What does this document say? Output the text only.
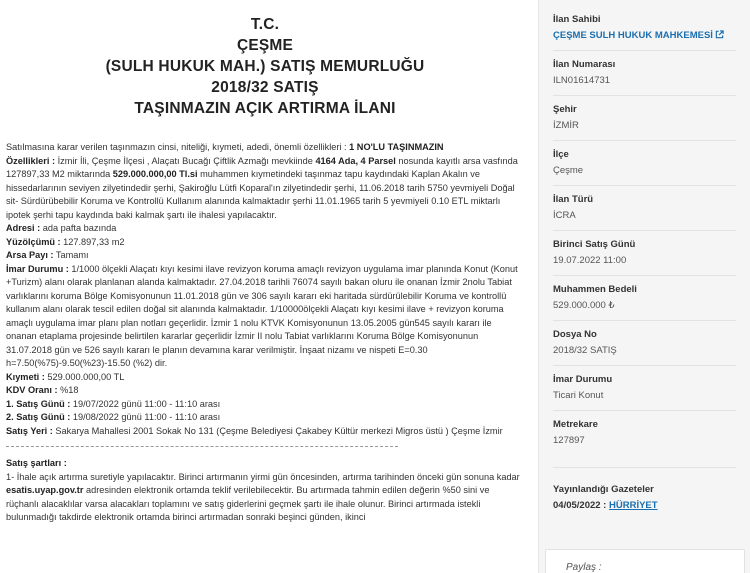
T.C.
ÇEŞME
(SULH HUKUK MAH.) SATIŞ MEMURLUĞU
2018/32 SATIŞ
TAŞINMAZIN AÇIK ARTIRMA İLANI

Satılmasına karar verilen taşınmazın cinsi, niteliği, kıymeti, adedi, önemli özellikleri : 1 NO'LU TAŞINMAZIN
Özellikleri : İzmir İli, Çeşme İlçesi , Alaçatı Bucağı Çiftlik Azmağı mevkiinde 4164 Ada, 4 Parsel nosunda kayıtlı arsa vasfında 127897,33 M2 miktarında 529.000.000,00 Tl.si muhammen kıymetindeki taşınmaz tapu kaydındaki Kaplan Akalın ve hissedarlarının seviyen zilyetindedir şerhi, Şakiroğlu Lütfi Koparal'ın zilyetindedir şerhi, 11.06.2018 tarih 5750 yevmiyeli Doğal sit- Sürdürübebilir Koruma ve Kontrollü Kullanım alanında kalmaktadır şerhi 11.01.1965 tarih 5 yevmiyeli 0.10 ETL miktarlı ipotek şerhi tapu kaydında baki kalmak şartı ile ihalesi yapılacaktır.

Adresi : ada pafta bazında

Yüzölçümü : 127.897,33 m2

Arsa Payı : Tamamı

İmar Durumu : 1/1000 ölçekli Alaçatı kıyı kesimi ilave revizyon koruma amaçlı revizyon uygulama imar planında Konut (Konut +Turizm) alanı olarak planlanan alanda kalmaktadır. 27.04.2018 tarihli 76074 sayılı bakan oluru ile onanan İzmir 2nolu Tabiat varlıklarını koruma Bölge Komisyonunun 11.01.2018 gün ve 306 sayılı kararı eki haritada sürdürülebilir Koruma ve kontrollü kullanım alanı olarak tescil edilen doğal sit alanında kalmaktadır. 1/10000ölçekli Alaçatı kıyı kesimi ilave + revizyon koruma amaçlı uygulama imar planı plan notları geçerlidir. İzmir 1 nolu KTVK Komisyonunun 13.05.2005 gün545 sayılı kararı ile onanan etaplama projesinde belirtilen kararlar geçerlidir İzmir II nolu Tabiat varlıklarını Koruma Bölge Komisyonunun 31.07.2018 gün ve 526 sayılı kararı le planın devamına karar verilmiştir. İnşaat nizamı ve nispeti E=0.30 h=7.50(%75)-9.50(%23)-15.50 (%2) dir.

Kıymeti : 529.000.000,00 TL

KDV Oranı : %18

1. Satış Günü : 19/07/2022 günü 11:00 - 11:10 arası

2. Satış Günü : 19/08/2022 günü 11:00 - 11:10 arası

Satış Yeri : Sakarya Mahallesi 2001 Sokak No 131 (Çeşme Belediyesi Çakabey Kültür merkezi Migros üstü ) Çeşme İzmir

Satış şartları :

1- İhale açık artırma suretiyle yapılacaktır. Birinci artırmanın yirmi gün öncesinden, artırma tarihinden önceki gün sonuna kadar esatis.uyap.gov.tr adresinden elektronik ortamda teklif verilebilecektir. Bu artırmada tahmin edilen değerin %50 sini ve rüçhanlı alacaklılar varsa alacakları toplamını ve satış giderlerini geçmek şartı ile ihale olunur. Birinci artırmada istekli bulunmadığı takdirde elektronik ortamda birinci artırmadan sonraki beşinci günden, ikinci

İlan Sahibi
ÇEŞME SULH HUKUK MAHKEMESİ
İlan Numarası
ILN01614731
Şehir
İZMİR
İlçe
Çeşme
İlan Türü
İCRA
Birinci Satış Günü
19.07.2022 11:00
Muhammen Bedeli
529.000.000 ₺
Dosya No
2018/32 SATIŞ
İmar Durumu
Ticari Konut
Metrekare
127897
Yayınlandığı Gazeteler
04/05/2022 : HÜRRİYET
Paylaş :
